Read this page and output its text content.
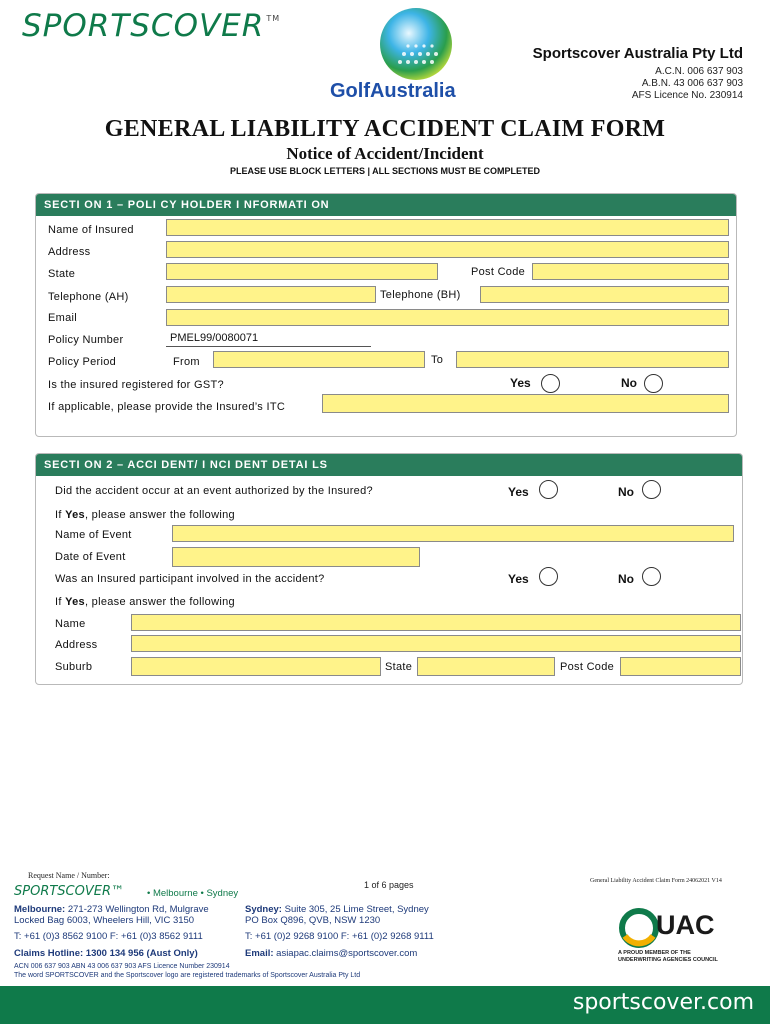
SPORTSCOVER ™
GolfAustralia
Sportscover Australia Pty Ltd
A.C.N. 006 637 903
A.B.N. 43 006 637 903
AFS Licence No. 230914
GENERAL LIABILITY ACCIDENT CLAIM FORM
Notice of Accident/Incident
PLEASE USE BLOCK LETTERS | ALL SECTIONS MUST BE COMPLETED
SECTI ON 1 – POLI CY HOLDER I NFORMATI ON
Name of Insured
Address
State	Post Code
Telephone (AH)	Telephone (BH)
Email
Policy Number	PMEL99/0080071
Policy Period	From	To
Is the insured registered for GST?	Yes	No
If applicable, please provide the Insured’s ITC
SECTI ON 2 – ACCI DENT/ I NCI DENT DETAI LS
Did the accident occur at an event authorized by the Insured?	Yes	No
If Yes, please answer the following
Name of Event
Date of Event
Was an Insured participant involved in the accident?	Yes	No
If Yes, please answer the following
Name
Address
Suburb	State	Post Code
Request Name / Number:
1 of 6 pages	General Liability Accident Claim Form 24062021 V14
SPORTSCOVER™ • Melbourne • Sydney
Melbourne: 271-273 Wellington Rd, Mulgrave
Locked Bag 6003, Wheelers Hill, VIC 3150
T: +61 (0)3 8562 9100 F: +61 (0)3 8562 9111
Sydney: Suite 305, 25 Lime Street, Sydney
PO Box Q896, QVB, NSW 1230
T: +61 (0)2 9268 9100 F: +61 (0)2 9268 9111
Claims Hotline: 1300 134 956 (Aust Only)	Email: asiapac.claims@sportscover.com
ACN 006 637 903 ABN 43 006 637 903 AFS Licence Number 230914
The word SPORTSCOVER and the Sportscover logo are registered trademarks of Sportscover Australia Pty Ltd
UAC
A PROUD MEMBER OF THE
UNDERWRITING AGENCIES COUNCIL
sportscover.com
